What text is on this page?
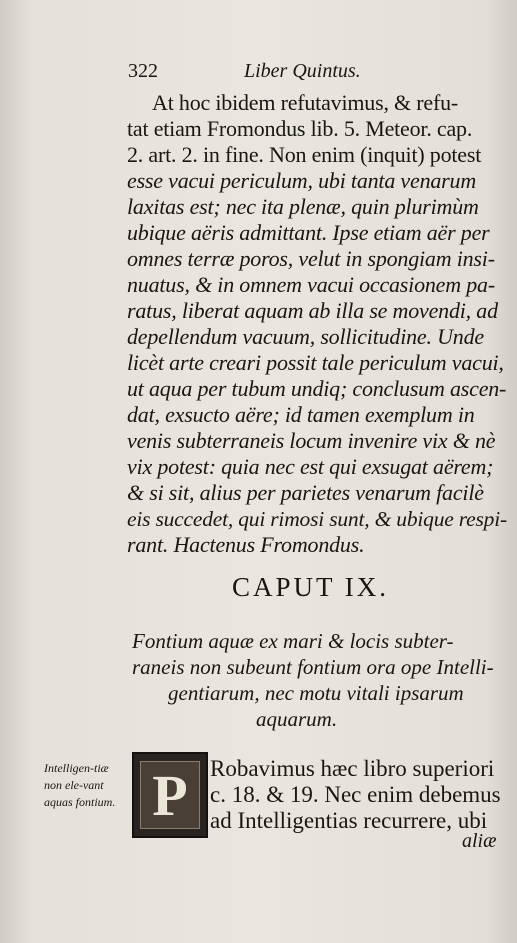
322	Liber Quintus.
At hoc ibidem refutavimus, & refu-
tat etiam Fromondus lib. 5. Meteor. cap.
2. art. 2. in fine. Non enim (inquit) potest
esse vacui periculum, ubi tanta venarum
laxitas est; nec ita plenæ, quin plurimùm
ubique aëris admittant. Ipse etiam aër per
omnes terræ poros, velut in spongiam insi-
nuatus, & in omnem vacui occasionem pa-
ratus, liberat aquam ab illa se movendi, ad
depellendum vacuum, sollicitudine. Unde
licèt arte creari possit tale periculum vacui,
ut aqua per tubum undiq; conclusum ascen-
dat, exsucto aëre; id tamen exemplum in
venis subterraneis locum invenire vix & nè
vix potest: quia nec est qui exsugat aërem;
& si sit, alius per parietes venarum facilè
eis succedet, qui rimosi sunt, & ubique respi-
rant. Hactenus Fromondus.
CAPUT IX.
Fontium aquæ ex mari & locis subter-
raneis non subeunt fontium ora ope Intelli-
gentiarum, nec motu vitali ipsarum
aquarum.
Intelligen-tiæ non ele-vant aquas fontium. P Robavimus hæc libro superiori
c. 18. & 19. Nec enim debemus
ad Intelligentias recurrere, ubi
aliæ
